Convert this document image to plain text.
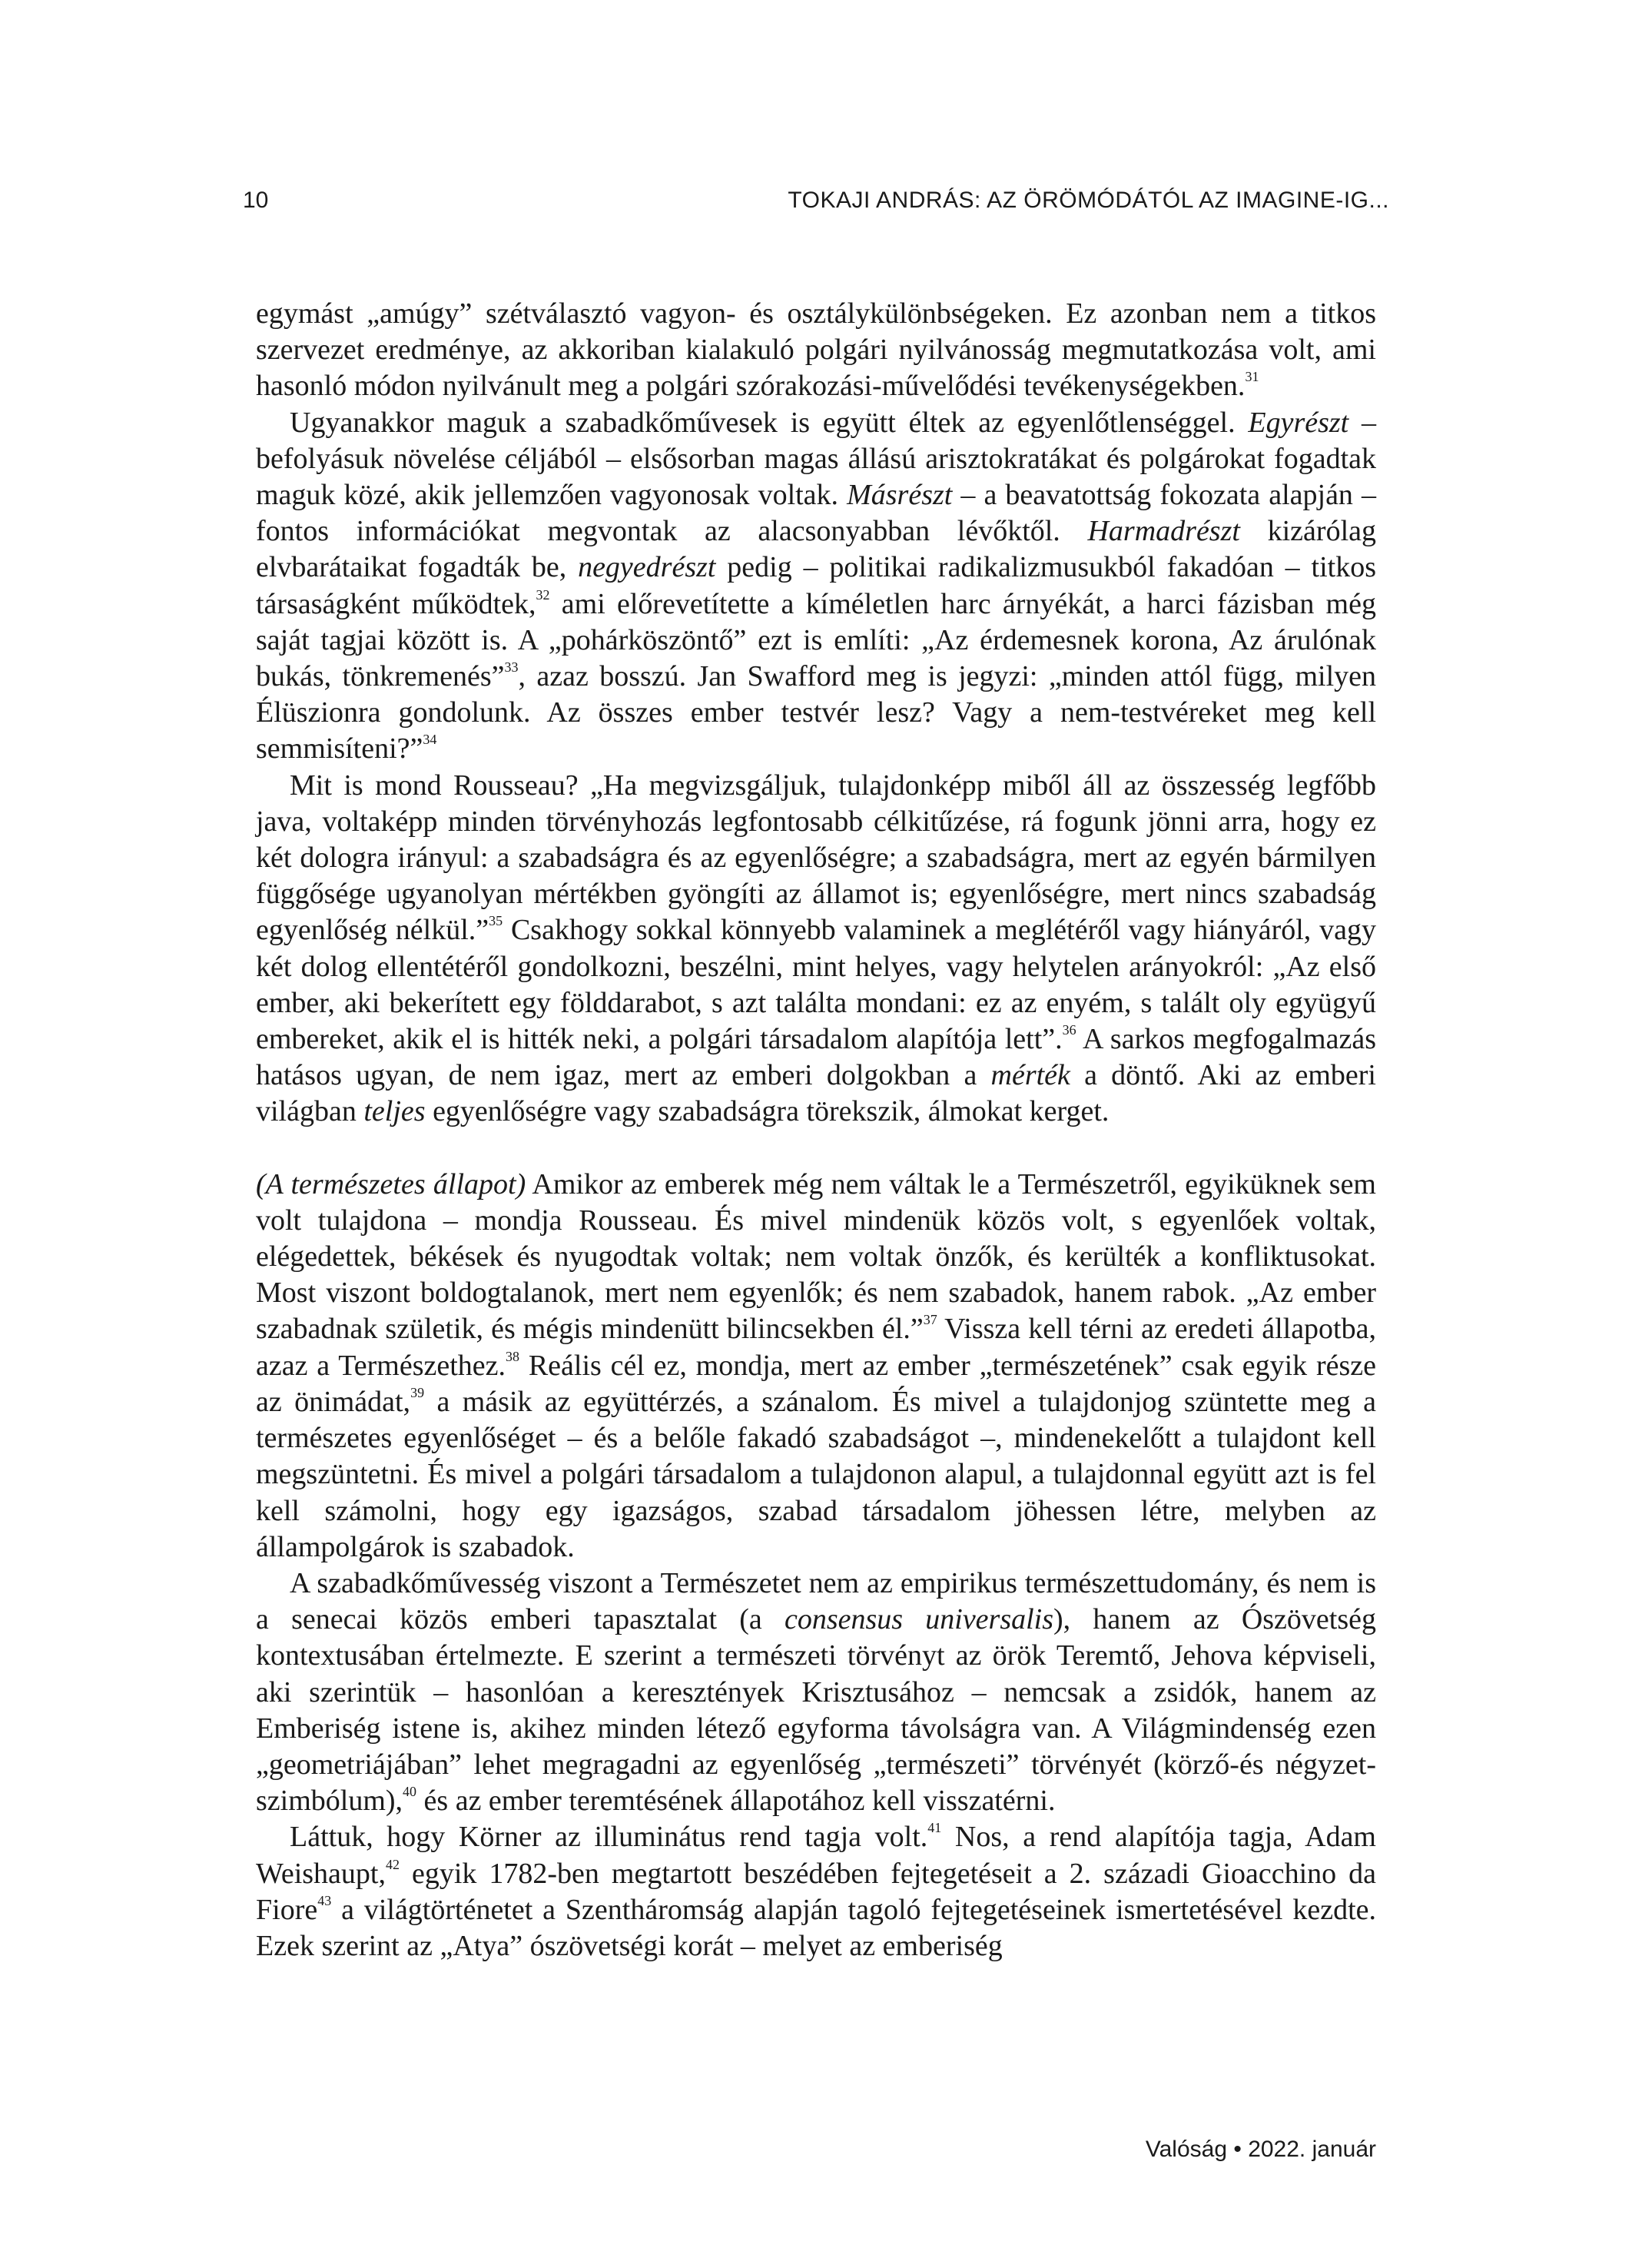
10	TOKAJI ANDRÁS: AZ ÖRÖMÓDÁTÓL AZ IMAGINE-IG...

egymást „amúgy” szétválasztó vagyon- és osztálykülönbségeken. Ez azonban nem a titkos szervezet eredménye, az akkoriban kialakuló polgári nyilvánosság megmutatkozása volt, ami hasonló módon nyilvánult meg a polgári szórakozási-művelődési tevékenységekben.$^{31}$

Ugyanakkor maguk a szabadkőművesek is együtt éltek az egyenlőtlenséggel. Egyrészt – befolyásuk növelése céljából – elsősorban magas állású arisztokratákat és polgárokat fogadtak maguk közé, akik jellemzően vagyonosak voltak. Másrészt – a beavatottság fokozata alapján – fontos információkat megvontak az alacsonyabban lévőktől. Harmadrészt kizárólag elvbarátaikat fogadták be, negyedrészt pedig – politikai radikalizmusukból fakadóan – titkos társaságként működtek,$^{32}$ ami előrevetítette a kíméletlen harc árnyékát, a harci fázisban még saját tagjai között is. A „pohárköszöntő” ezt is említi: „Az érdemesnek korona, Az árulónak bukás, tönkremenés”$^{33}$, azaz bosszú. Jan Swafford meg is jegyzi: „minden attól függ, milyen Élüszionra gondolunk. Az összes ember testvér lesz? Vagy a nem-testvéreket meg kell semmisíteni?”$^{34}$

Mit is mond Rousseau? „Ha megvizsgáljuk, tulajdonképp miből áll az összesség legfőbb java, voltaképp minden törvényhozás legfontosabb célkitűzése, rá fogunk jönni arra, hogy ez két dologra irányul: a szabadságra és az egyenlőségre; a szabadságra, mert az egyén bármilyen függősége ugyanolyan mértékben gyöngíti az államot is; egyenlőségre, mert nincs szabadság egyenlőség nélkül.”$^{35}$ Csakhogy sokkal könnyebb valaminek a meglétéről vagy hiányáról, vagy két dolog ellentétéről gondolkozni, beszélni, mint helyes, vagy helytelen arányokról: „Az első ember, aki bekerített egy földdarabot, s azt találta mondani: ez az enyém, s talált oly együgyű embereket, akik el is hitték neki, a polgári társadalom alapítója lett”.$^{36}$ A sarkos megfogalmazás hatásos ugyan, de nem igaz, mert az emberi dolgokban a mérték a döntő. Aki az emberi világban teljes egyenlőségre vagy szabadságra törekszik, álmokat kerget.

(A természetes állapot) Amikor az emberek még nem váltak le a Természetről, egyiküknek sem volt tulajdona – mondja Rousseau. És mivel mindenük közös volt, s egyenlőek voltak, elégedettek, békések és nyugodtak voltak; nem voltak önzők, és kerülték a konfliktusokat. Most viszont boldogtalanok, mert nem egyenlők; és nem szabadok, hanem rabok. „Az ember szabadnak születik, és mégis mindenütt bilincsekben él.”$^{37}$ Vissza kell térni az eredeti állapotba, azaz a Természethez.$^{38}$ Reális cél ez, mondja, mert az ember „természetének” csak egyik része az önimádat,$^{39}$ a másik az együttérzés, a szánalom. És mivel a tulajdonjog szüntette meg a természetes egyenlőséget – és a belőle fakadó szabadságot –, mindenekelőtt a tulajdont kell megszüntetni. És mivel a polgári társadalom a tulajdonon alapul, a tulajdonnal együtt azt is fel kell számolni, hogy egy igazságos, szabad társadalom jöhessen létre, melyben az állampolgárok is szabadok.

A szabadkőművesség viszont a Természetet nem az empirikus természettudomány, és nem is a senecai közös emberi tapasztalat (a consensus universalis), hanem az Ószövetség kontextusában értelmezte. E szerint a természeti törvényt az örök Teremtő, Jehova képviseli, aki szerintük – hasonlóan a keresztények Krisztusához – nemcsak a zsidók, hanem az Emberiség istene is, akihez minden létező egyforma távolságra van. A Világmindenség ezen „geometriájában” lehet megragadni az egyenlőség „természeti” törvényét (körző-és négyzet-szimbólum),$^{40}$ és az ember teremtésének állapotához kell visszatérni.

Láttuk, hogy Körner az illuminátus rend tagja volt.$^{41}$ Nos, a rend alapítója tagja, Adam Weishaupt,$^{42}$ egyik 1782-ben megtartott beszédében fejtegetéseit a 2. századi Gioacchino da Fiore$^{43}$ a világtörténetet a Szentháromság alapján tagoló fejtegetéseinek ismertetésével kezdte. Ezek szerint az „Atya” ószövetségi korát – melyet az emberiség

Valóság • 2022. január
